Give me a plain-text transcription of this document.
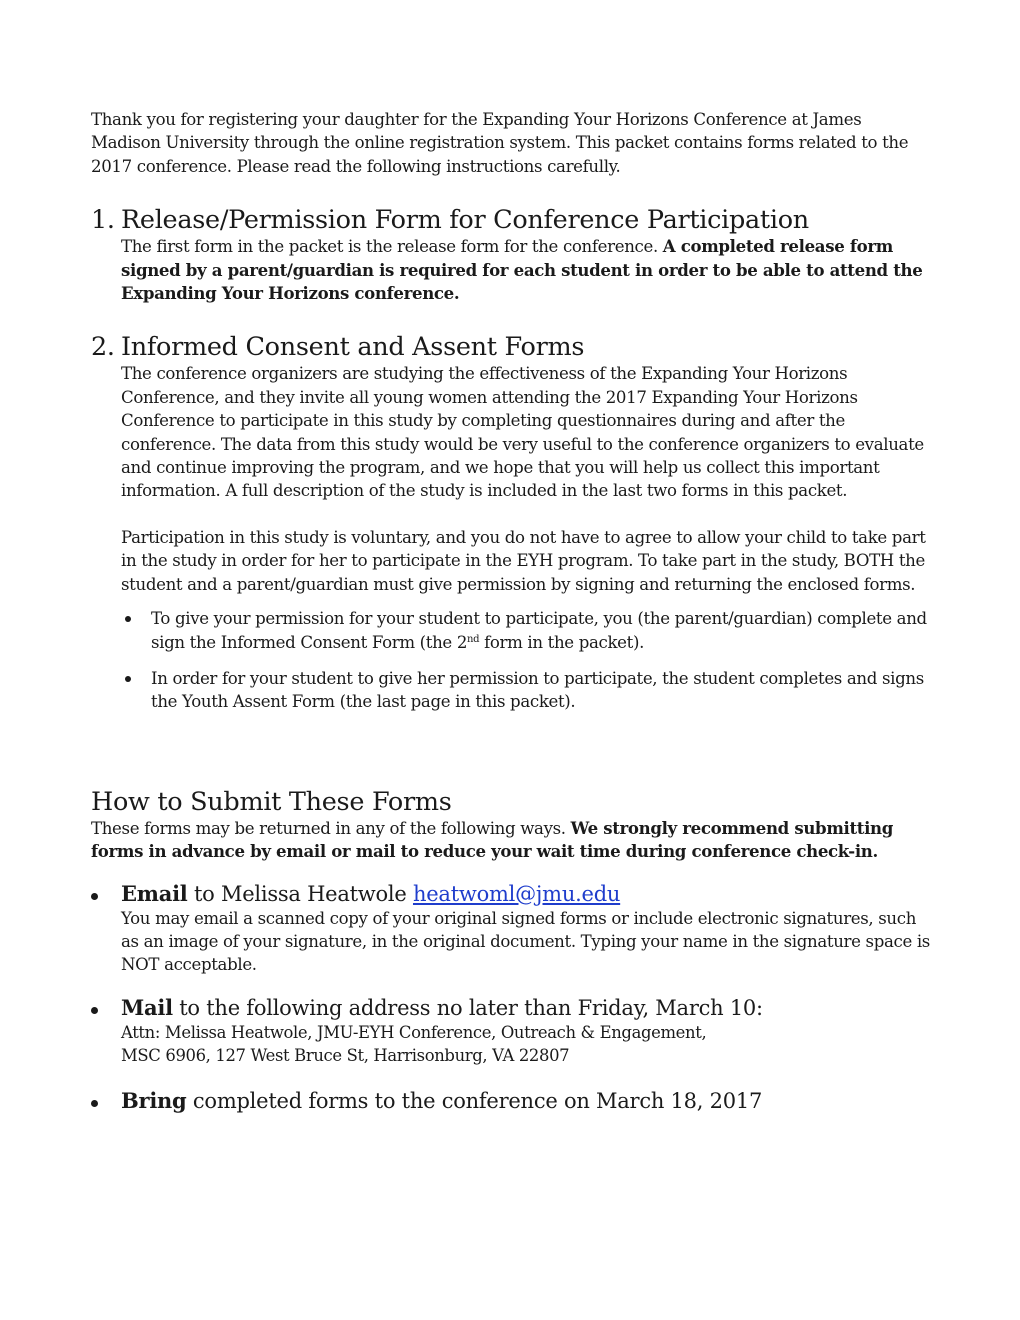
Thank you for registering your daughter for the Expanding Your Horizons Conference at James Madison University through the online registration system. This packet contains forms related to the 2017 conference. Please read the following instructions carefully.

1. Release/Permission Form for Conference Participation

The first form in the packet is the release form for the conference. A completed release form signed by a parent/guardian is required for each student in order to be able to attend the Expanding Your Horizons conference.

2. Informed Consent and Assent Forms

The conference organizers are studying the effectiveness of the Expanding Your Horizons Conference, and they invite all young women attending the 2017 Expanding Your Horizons Conference to participate in this study by completing questionnaires during and after the conference. The data from this study would be very useful to the conference organizers to evaluate and continue improving the program, and we hope that you will help us collect this important information. A full description of the study is included in the last two forms in this packet.

Participation in this study is voluntary, and you do not have to agree to allow your child to take part in the study in order for her to participate in the EYH program. To take part in the study, BOTH the student and a parent/guardian must give permission by signing and returning the enclosed forms.

To give your permission for your student to participate, you (the parent/guardian) complete and sign the Informed Consent Form (the 2nd form in the packet).
In order for your student to give her permission to participate, the student completes and signs the Youth Assent Form (the last page in this packet).
How to Submit These Forms

These forms may be returned in any of the following ways. We strongly recommend submitting forms in advance by email or mail to reduce your wait time during conference check-in.

Email to Melissa Heatwole heatwoml@jmu.edu

You may email a scanned copy of your original signed forms or include electronic signatures, such as an image of your signature, in the original document. Typing your name in the signature space is NOT acceptable.

Mail to the following address no later than Friday, March 10:
Attn: Melissa Heatwole, JMU-EYH Conference, Outreach & Engagement,
MSC 6906, 127 West Bruce St, Harrisonburg, VA 22807
Bring completed forms to the conference on March 18, 2017
